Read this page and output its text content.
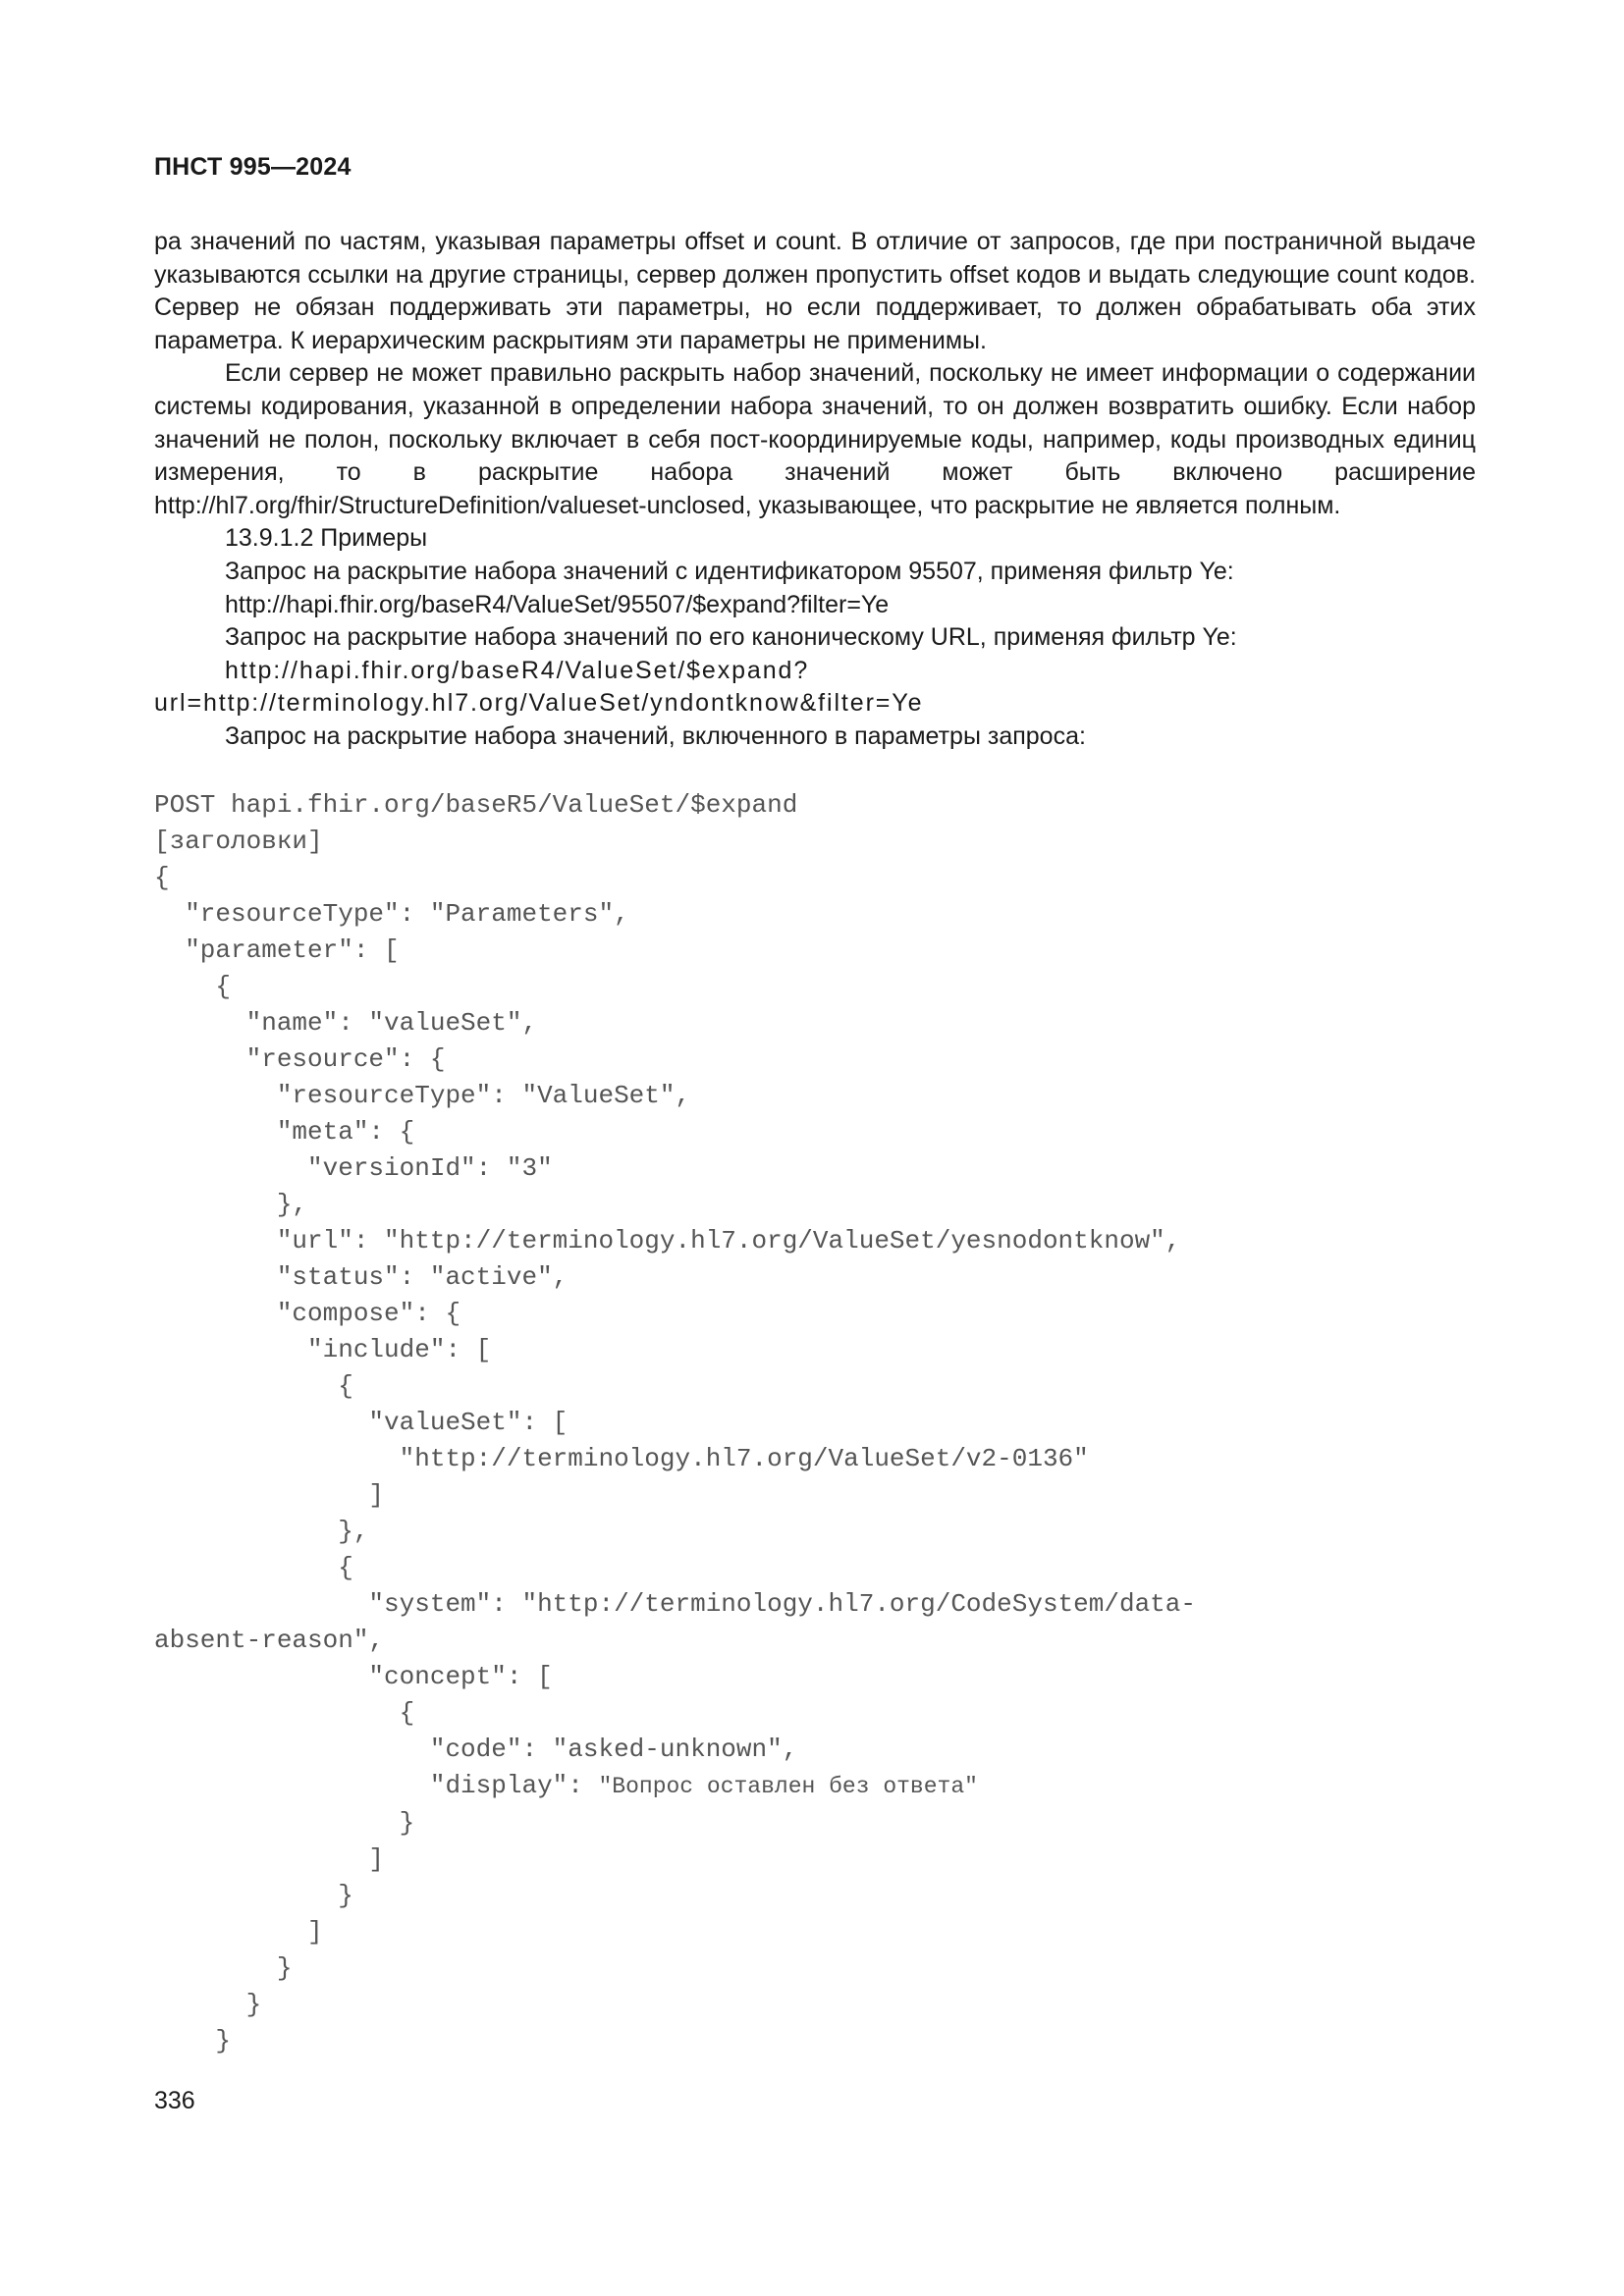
ПНСТ 995—2024

ра значений по частям, указывая параметры offset и count. В отличие от запросов, где при постраничной выдаче указываются ссылки на другие страницы, сервер должен пропустить offset кодов и выдать следующие count кодов. Сервер не обязан поддерживать эти параметры, но если поддерживает, то должен обрабатывать оба этих параметра. К иерархическим раскрытиям эти параметры не применимы.

Если сервер не может правильно раскрыть набор значений, поскольку не имеет информации о содержании системы кодирования, указанной в определении набора значений, то он должен возвратить ошибку. Если набор значений не полон, поскольку включает в себя пост-координируемые коды, например, коды производных единиц измерения, то в раскрытие набора значений может быть включено расширение http://hl7.org/fhir/StructureDefinition/valueset-unclosed, указывающее, что раскрытие не является полным.

13.9.1.2 Примеры

Запрос на раскрытие набора значений с идентификатором 95507, применяя фильтр Ye:

http://hapi.fhir.org/baseR4/ValueSet/95507/$expand?filter=Ye

Запрос на раскрытие набора значений по его каноническому URL, применяя фильтр Ye:

http://hapi.fhir.org/baseR4/ValueSet/$expand?url=http://terminology.hl7.org/ValueSet/yndontknow&filter=Ye

Запрос на раскрытие набора значений, включенного в параметры запроса:

POST hapi.fhir.org/baseR5/ValueSet/$expand
[заголовки]
{
"resourceType": "Parameters",
"parameter": [
{
"name": "valueSet",
"resource": {
"resourceType": "ValueSet",
"meta": {
"versionId": "3"
},
"url": "http://terminology.hl7.org/ValueSet/yesnodontknow",
"status": "active",
"compose": {
"include": [
{
"valueSet": [
"http://terminology.hl7.org/ValueSet/v2-0136"
]
},
{
"system": "http://terminology.hl7.org/CodeSystem/data-
absent-reason",
"concept": [
{
"code": "asked-unknown",
"display": "Вопрос оставлен без ответа"
}
]
}
]
}
}
}
336
